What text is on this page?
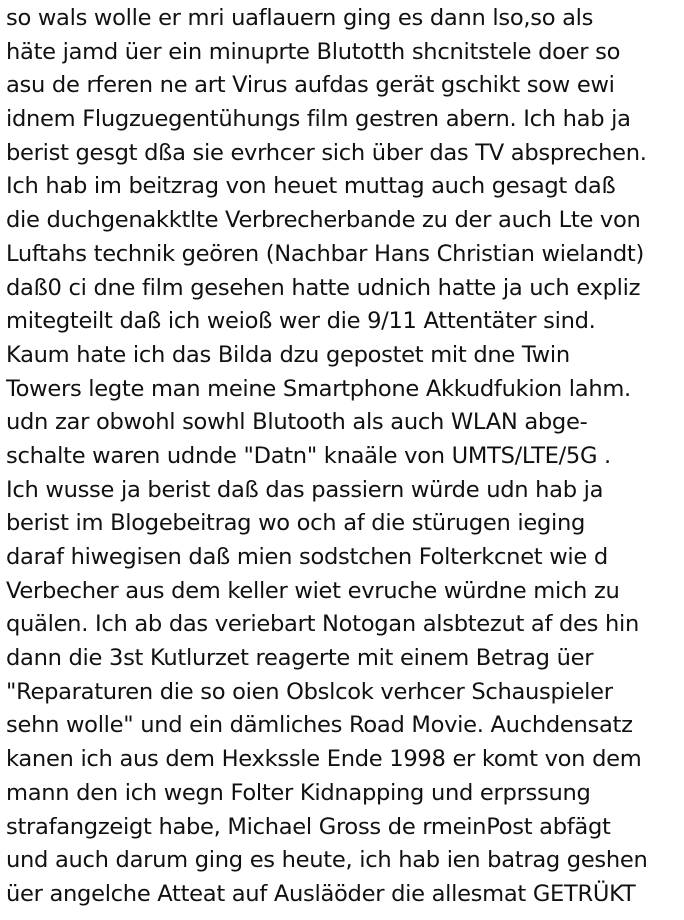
so wals wolle er mri uaflauern ging es dann lso,so als
häte jamd üer ein minuprte Blutotth shcnitstele doer so
asu de rferen ne art Virus aufdas gerät gschikt sow ewi
idnem Flugzuegentühungs film gestren abern. Ich hab ja
berist gesgt dßa sie evrhcer sich über das TV absprechen.
Ich hab im beitzrag von heuet muttag auch gesagt daß
die duchgenakktlte Verbrecherbande zu der auch Lte von
Luftahs technik geören (Nachbar Hans Christian wielandt)
daß0 ci dne film gesehen hatte udnich hatte ja uch expliz
mitegteilt daß ich weioß wer die 9/11 Attentäter sind.
Kaum hate ich das Bilda dzu gepostet mit dne Twin
Towers legte man meine Smartphone Akkudfukion lahm.
udn zar obwohl sowhl Blutooth als auch WLAN abge-
schalte waren udnde "Datn" knaäle von UMTS/LTE/5G .
Ich wusse ja berist daß das passiern würde udn hab ja
berist im Blogebeitrag wo och af die stürugen ieging
daraf hiwegisen daß mien sodstchen Folterkcnet wie d
Verbecher aus dem keller wiet evruche würdne mich zu
quälen. Ich ab das veriebart Notogan alsbtezut af des hin
dann die 3st Kutlurzet reagerte mit einem Betrag üer
"Reparaturen die so oien Obslcok verhcer Schauspieler
sehn wolle" und ein dämliches Road Movie. Auchdensatz
kanen ich aus dem Hexkssle Ende 1998 er komt von dem
mann den ich wegn Folter Kidnapping und erprssung
strafangzeigt habe, Michael Gross de rmeinPost abfägt
und auch darum ging es heute, ich hab ien batrag geshen
üer angelche Atteat auf Ausläöder die allesmat GETRÜKT
